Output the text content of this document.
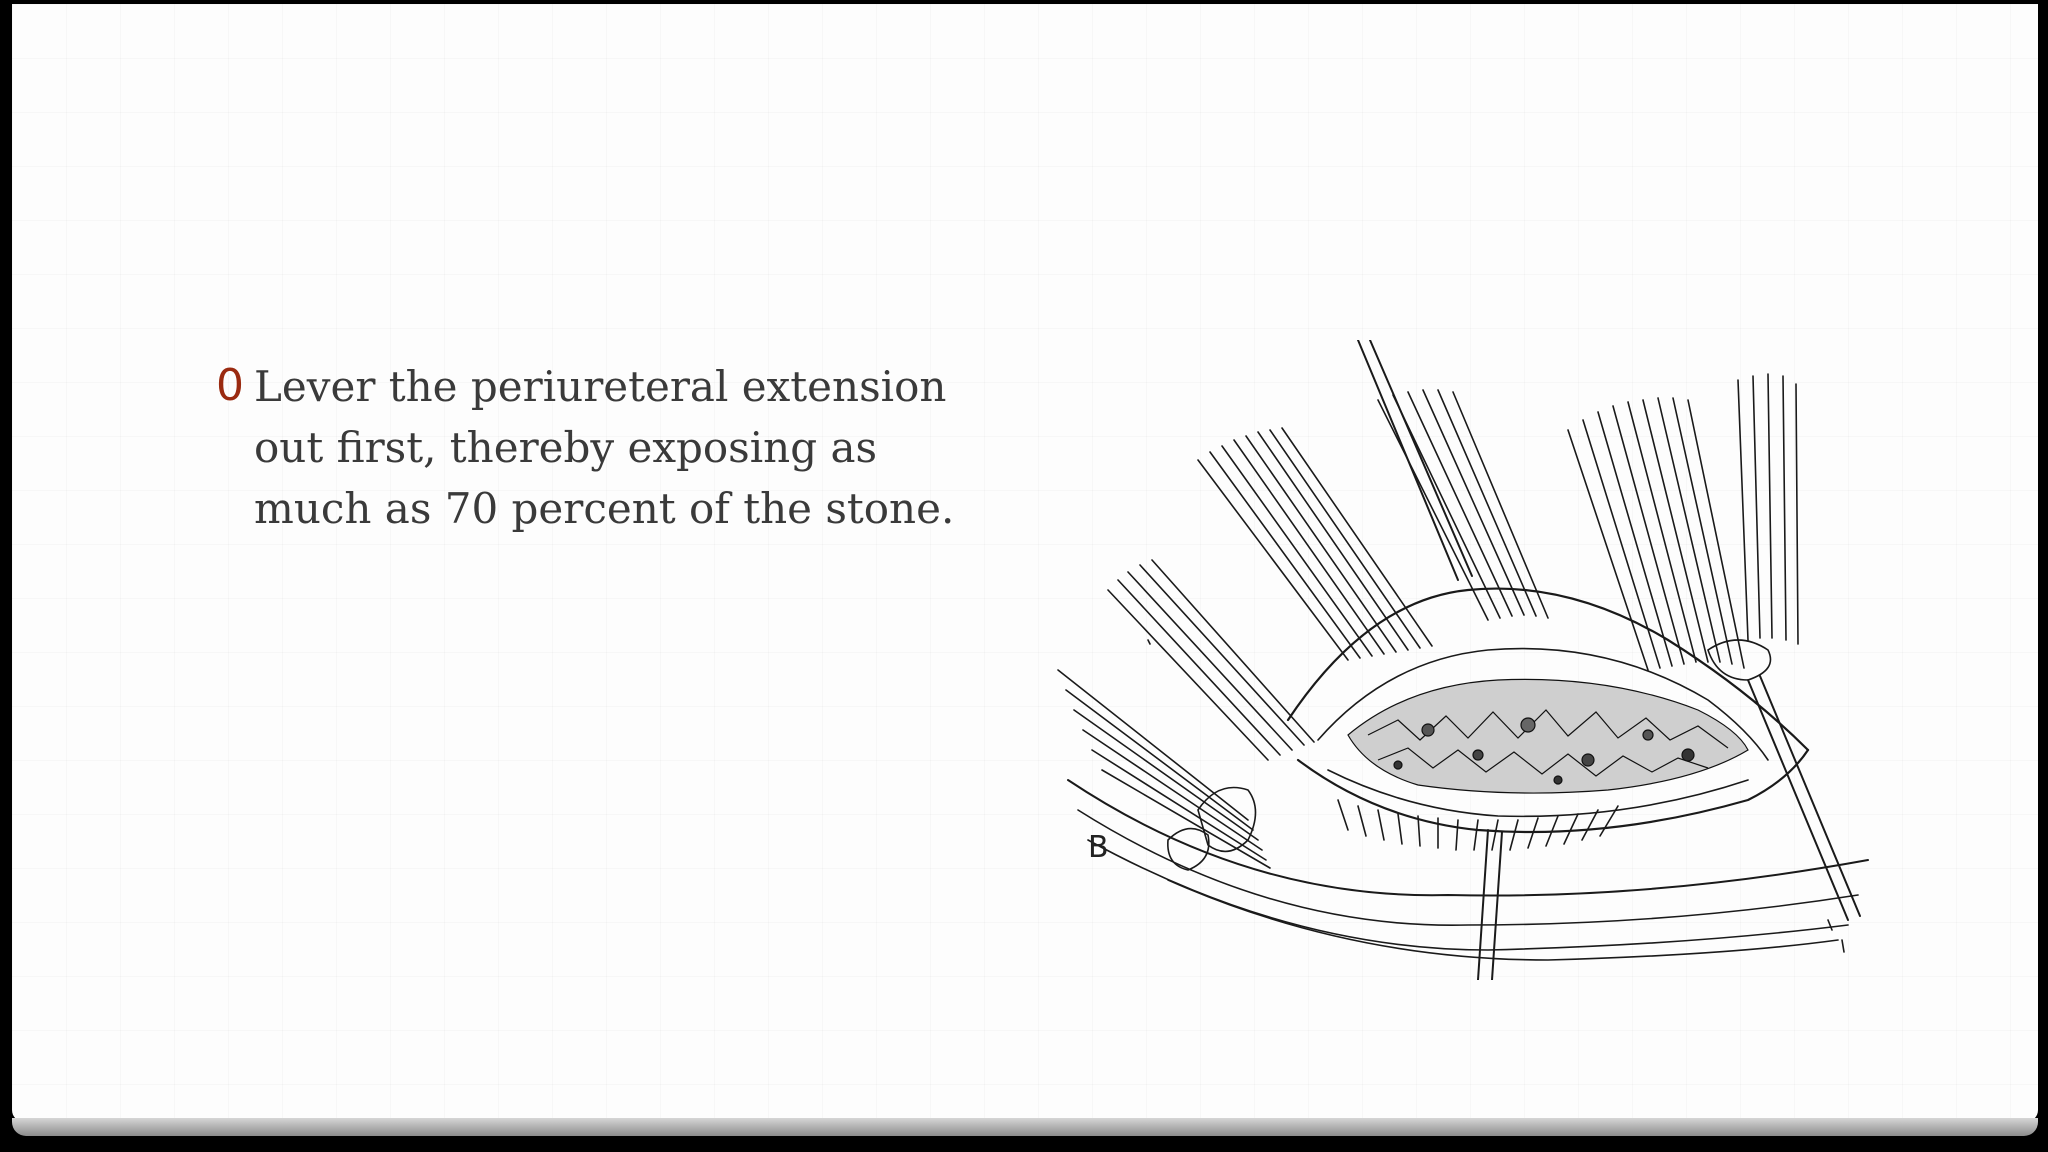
0 Lever the periureteral extension out first, thereby exposing as much as 70 percent of the stone.
B
